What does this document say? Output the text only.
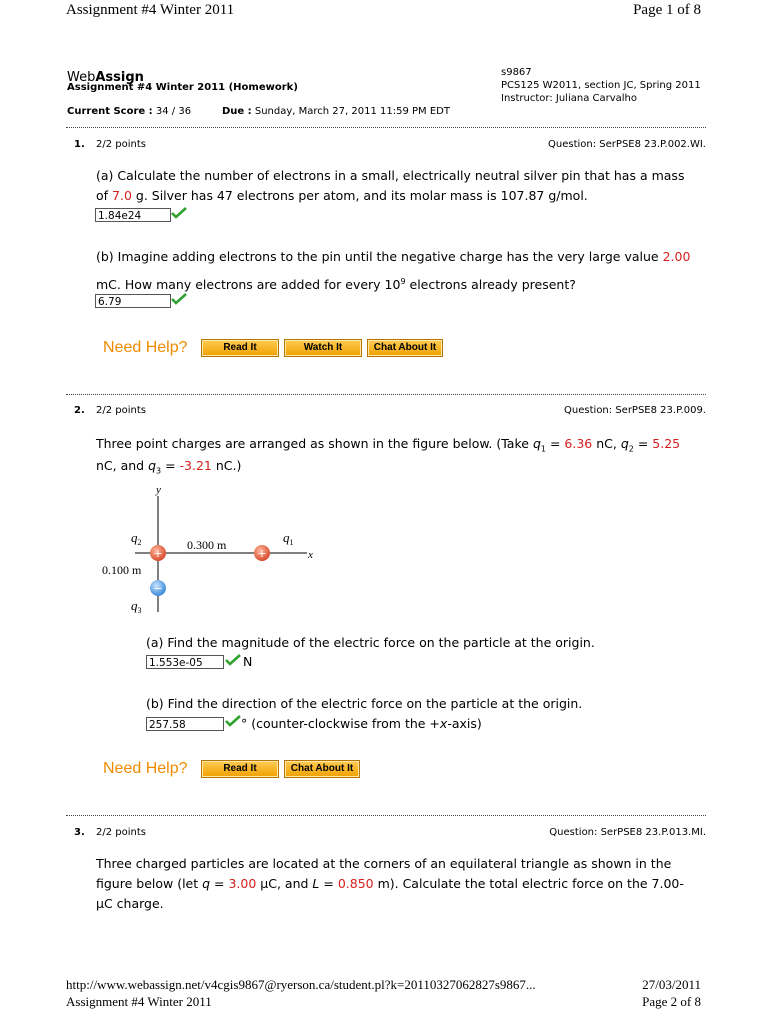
Assignment #4 Winter 2011	Page 1 of 8
WebAssign
Assignment #4 Winter 2011 (Homework)
Current Score : 34 / 36	Due : Sunday, March 27, 2011 11:59 PM EDT
s9867
PCS125 W2011, section JC, Spring 2011
Instructor: Juliana Carvalho
1. 2/2 points	Question: SerPSE8 23.P.002.WI.
(a) Calculate the number of electrons in a small, electrically neutral silver pin that has a mass
of 7.0 g. Silver has 47 electrons per atom, and its molar mass is 107.87 g/mol.
1.84e24
(b) Imagine adding electrons to the pin until the negative charge has the very large value 2.00
mC. How many electrons are added for every $10^9$ electrons already present?
6.79
Need Help?	Read It	Watch It	Chat About It
2. 2/2 points	Question: SerPSE8 23.P.009.
Three point charges are arranged as shown in the figure below. (Take $q_1 = 6.36$ nC, $q_2 = 5.25$
nC, and $q_3 = -3.21$ nC.)
y
x
$q_2$	$q_1$
$q_3$
0.300 m
0.100 m
+	+
−
(a) Find the magnitude of the electric force on the particle at the origin.
1.553e-05	N
(b) Find the direction of the electric force on the particle at the origin.
257.58	° (counter-clockwise from the +x-axis)
Need Help?	Read It	Chat About It
3. 2/2 points	Question: SerPSE8 23.P.013.MI.
Three charged particles are located at the corners of an equilateral triangle as shown in the
figure below (let q = 3.00 μC, and L = 0.850 m). Calculate the total electric force on the 7.00-
μC charge.
http://www.webassign.net/v4cgis9867@ryerson.ca/student.pl?k=20110327062827s9867...	27/03/2011
Assignment #4 Winter 2011	Page 2 of 8
